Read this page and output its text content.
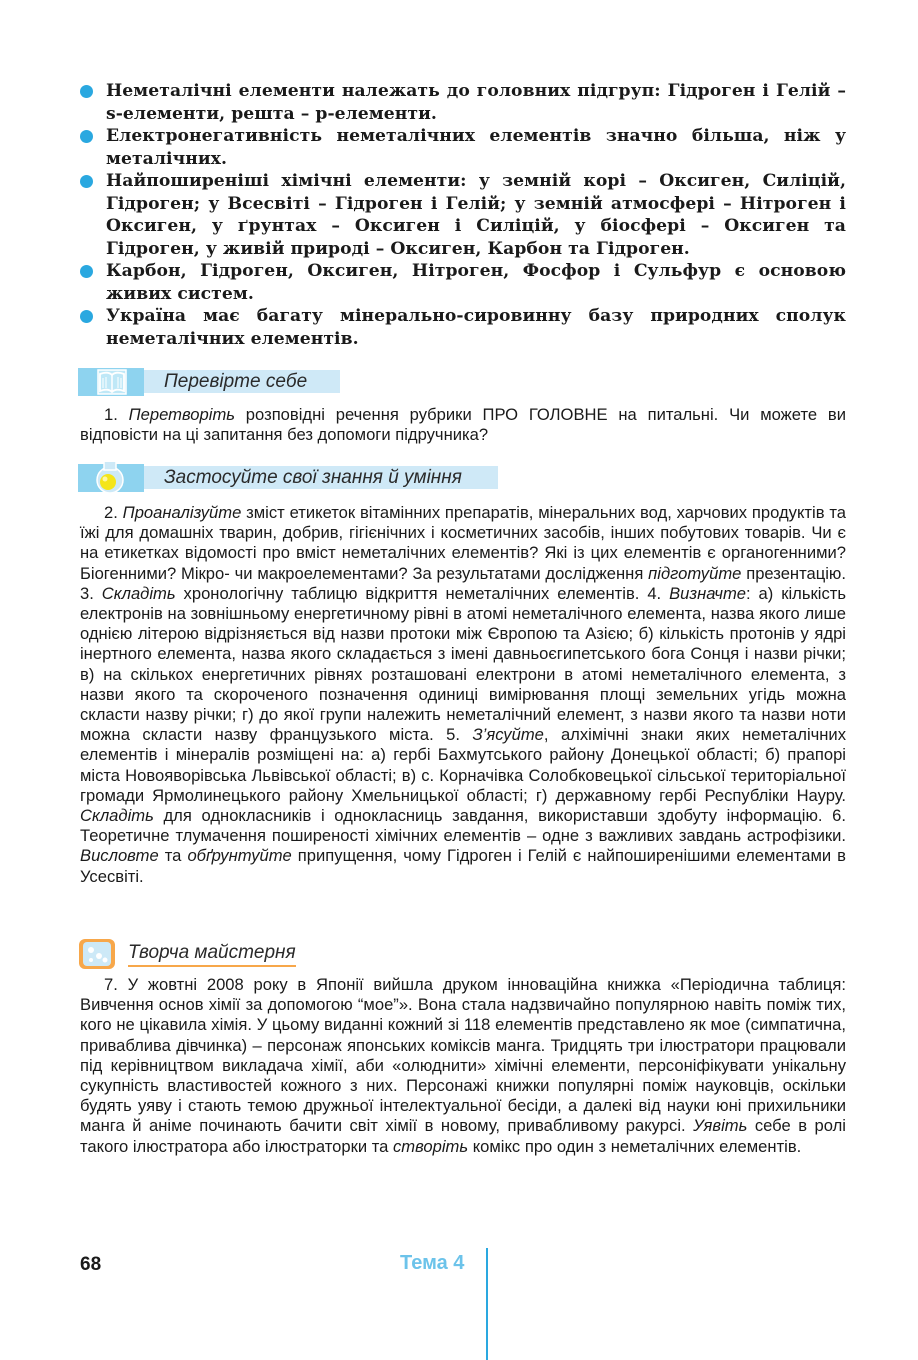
Неметалічні елементи належать до головних підгруп: Гідроген і Гелій – s-елементи, решта – p-елементи.
Електронегативність неметалічних елементів значно більша, ніж у металічних.
Найпоширеніші хімічні елементи: у земній корі – Оксиген, Силіцій, Гідроген; у Всесвіті – Гідроген і Гелій; у земній атмосфері – Нітроген і Оксиген, у ґрунтах – Оксиген і Силіцій, у біосфері – Оксиген та Гідроген, у живій природі – Оксиген, Карбон та Гідроген.
Карбон, Гідроген, Оксиген, Нітроген, Фосфор і Сульфур є основою живих систем.
Україна має багату мінерально-сировинну базу природних сполук неметалічних елементів.
Перевірте себе

1. Перетворіть розповідні речення рубрики ПРО ГОЛОВНЕ на питальні. Чи можете ви відповісти на ці запитання без допомоги підручника?

Застосуйте свої знання й уміння

2. Проаналізуйте зміст етикеток вітамінних препаратів, мінеральних вод, харчових продуктів та їжі для домашніх тварин, добрив, гігієнічних і косметичних засобів, інших побутових товарів. Чи є на етикетках відомості про вміст неметалічних елементів? Які із цих елементів є органогенними? Біогенними? Мікро- чи макроелементами? За результатами дослідження підготуйте презентацію. 3. Складіть хронологічну таблицю відкриття неметалічних елементів. 4. Визначте: а) кількість електронів на зовнішньому енергетичному рівні в атомі неметалічного елемента, назва якого лише однією літерою відрізняється від назви протоки між Європою та Азією; б) кількість протонів у ядрі інертного елемента, назва якого складається з імені давньоєгипетського бога Сонця і назви річки; в) на скількох енергетичних рівнях розташовані електрони в атомі неметалічного елемента, з назви якого та скороченого позначення одиниці вимірювання площі земельних угідь можна скласти назву річки; г) до якої групи належить неметалічний елемент, з назви якого та назви ноти можна скласти назву французького міста. 5. З’ясуйте, алхімічні знаки яких неметалічних елементів і мінералів розміщені на: а) гербі Бахмутського району Донецької області; б) прапорі міста Новояворівська Львівської області; в) с. Корначівка Солобковецької сільської територіальної громади Ярмолинецького району Хмельницької області; г) державному гербі Республіки Науру. Складіть для однокласників і однокласниць завдання, використавши здобуту інформацію. 6. Теоретичне тлумачення поширеності хімічних елементів – одне з важливих завдань астрофізики. Висловте та обґрунтуйте припущення, чому Гідроген і Гелій є найпоширенішими елементами в Усесвіті.

Творча майстерня

7. У жовтні 2008 року в Японії вийшла друком інноваційна книжка «Періодична таблиця: Вивчення основ хімії за допомогою “мое”». Вона стала надзвичайно популярною навіть поміж тих, кого не цікавила хімія. У цьому виданні кожний зі 118 елементів представлено як мое (симпатична, приваблива дівчинка) – персонаж японських коміксів манга. Тридцять три ілюстратори працювали під керівництвом викладача хімії, аби «олюднити» хімічні елементи, персоніфікувати унікальну сукупність властивостей кожного з них. Персонажі книжки популярні поміж науковців, оскільки будять уяву і стають темою дружньої інтелектуальної бесіди, а далекі від науки юні прихильники манга й аніме починають бачити світ хімії в новому, привабливому ракурсі. Уявіть себе в ролі такого ілюстратора або ілюстраторки та створіть комікс про один з неметалічних елементів.

68	Тема 4
